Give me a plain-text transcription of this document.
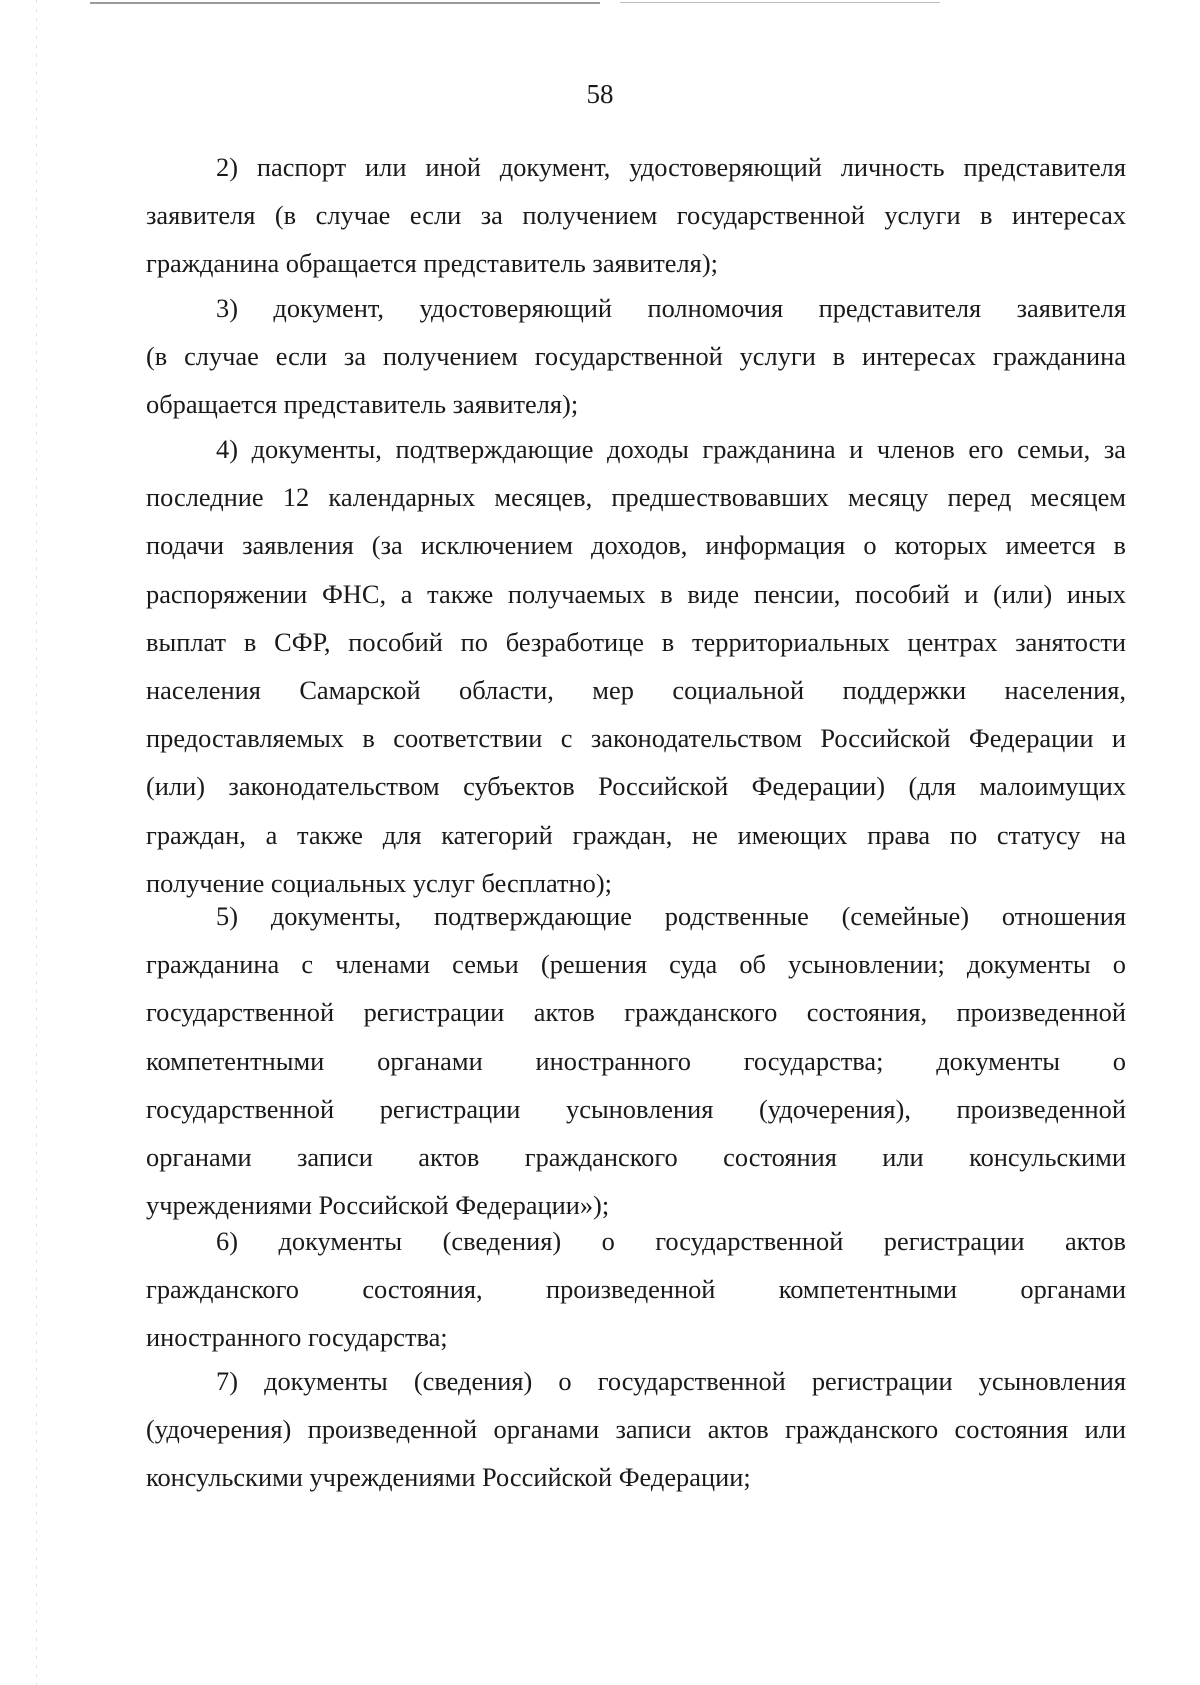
58
2) паспорт или иной документ, удостоверяющий личность представителя
заявителя (в случае если за получением государственной услуги в интересах
гражданина обращается представитель заявителя);
3) документ, удостоверяющий полномочия представителя заявителя
(в случае если за получением государственной услуги в интересах гражданина
обращается представитель заявителя);
4) документы, подтверждающие доходы гражданина и членов его семьи, за
последние 12 календарных месяцев, предшествовавших месяцу перед месяцем
подачи заявления (за исключением доходов, информация о которых имеется в
распоряжении ФНС, а также получаемых в виде пенсии, пособий и (или) иных
выплат в СФР, пособий по безработице в территориальных центрах занятости
населения Самарской области, мер социальной поддержки населения,
предоставляемых в соответствии с законодательством Российской Федерации и
(или) законодательством субъектов Российской Федерации) (для малоимущих
граждан, а также для категорий граждан, не имеющих права по статусу на
получение социальных услуг бесплатно);
5) документы, подтверждающие родственные (семейные) отношения
гражданина с членами семьи (решения суда об усыновлении; документы о
государственной регистрации актов гражданского состояния, произведенной
компетентными органами иностранного государства; документы о
государственной регистрации усыновления (удочерения), произведенной
органами записи актов гражданского состояния или консульскими
учреждениями Российской Федерации»);
6) документы (сведения) о государственной регистрации актов
гражданского состояния, произведенной компетентными органами
иностранного государства;
7) документы (сведения) о государственной регистрации усыновления
(удочерения) произведенной органами записи актов гражданского состояния или
консульскими учреждениями Российской Федерации;
